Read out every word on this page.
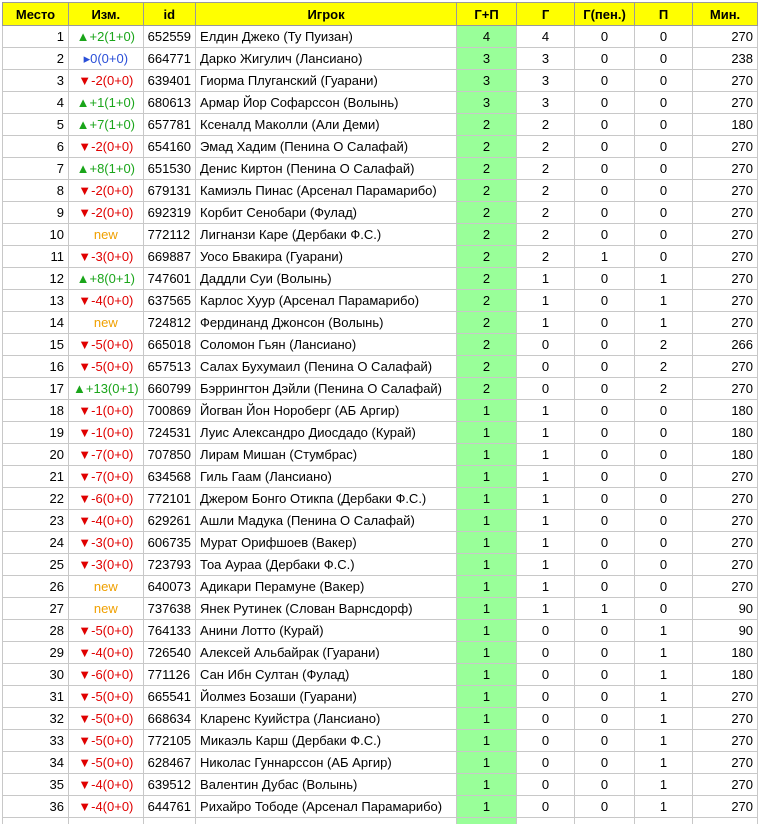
Место	Изм.	id	Игрок	Г+П	Г	Г(пен.)	П	Мин.
1	▲+2(1+0)	652559	Елдин Джеко (Ту Пуизан)	4	4	0	0	270
2	▸0(0+0)	664771	Дарко Жигулич (Лансиано)	3	3	0	0	238
3	▼-2(0+0)	639401	Гиорма Плуганский (Гуарани)	3	3	0	0	270
4	▲+1(1+0)	680613	Армар Йор Софарссон (Волынь)	3	3	0	0	270
5	▲+7(1+0)	657781	Ксеналд Маколли (Али Деми)	2	2	0	0	180
6	▼-2(0+0)	654160	Эмад Хадим (Пенина О Салафай)	2	2	0	0	270
7	▲+8(1+0)	651530	Денис Киртон (Пенина О Салафай)	2	2	0	0	270
8	▼-2(0+0)	679131	Камиэль Пинас (Арсенал Парамарибо)	2	2	0	0	270
9	▼-2(0+0)	692319	Корбит Сенобари (Фулад)	2	2	0	0	270
10	new	772112	Лигнанзи Каре (Дербаки Ф.С.)	2	2	0	0	270
11	▼-3(0+0)	669887	Уосо Бвакира (Гуарани)	2	2	1	0	270
12	▲+8(0+1)	747601	Даддли Суи (Волынь)	2	1	0	1	270
13	▼-4(0+0)	637565	Карлос Хуур (Арсенал Парамарибо)	2	1	0	1	270
14	new	724812	Фердинанд Джонсон (Волынь)	2	1	0	1	270
15	▼-5(0+0)	665018	Соломон Гьян (Лансиано)	2	0	0	2	266
16	▼-5(0+0)	657513	Салах Бухумаил (Пенина О Салафай)	2	0	0	2	270
17	▲+13(0+1)	660799	Бэррингтон Дэйли (Пенина О Салафай)	2	0	0	2	270
18	▼-1(0+0)	700869	Йогван Йон Норoберг (АБ Аргир)	1	1	0	0	180
19	▼-1(0+0)	724531	Луис Александро Диосдадо (Курай)	1	1	0	0	180
20	▼-7(0+0)	707850	Лирам Мишан (Стумбрас)	1	1	0	0	180
21	▼-7(0+0)	634568	Гиль Гаам (Лансиано)	1	1	0	0	270
22	▼-6(0+0)	772101	Джером Бонго Отикпа (Дербаки Ф.С.)	1	1	0	0	270
23	▼-4(0+0)	629261	Ашли Мадука (Пенина О Салафай)	1	1	0	0	270
24	▼-3(0+0)	606735	Мурат Орифшоев (Вакер)	1	1	0	0	270
25	▼-3(0+0)	723793	Тоа Аураа (Дербаки Ф.С.)	1	1	0	0	270
26	new	640073	Адикари Перамуне (Вакер)	1	1	0	0	270
27	new	737638	Янек Рутинек (Слован Варнсдорф)	1	1	1	0	90
28	▼-5(0+0)	764133	Анини Лотто (Курай)	1	0	0	1	90
29	▼-4(0+0)	726540	Алексей Альбайрак (Гуарани)	1	0	0	1	180
30	▼-6(0+0)	771126	Сан Ибн Султан (Фулад)	1	0	0	1	180
31	▼-5(0+0)	665541	Йолмез Бозаши (Гуарани)	1	0	0	1	270
32	▼-5(0+0)	668634	Кларенс Куийстра (Лансиано)	1	0	0	1	270
33	▼-5(0+0)	772105	Микаэль Карш (Дербаки Ф.С.)	1	0	0	1	270
34	▼-5(0+0)	628467	Николас Гуннарссон (АБ Аргир)	1	0	0	1	270
35	▼-4(0+0)	639512	Валентин Дубас (Волынь)	1	0	0	1	270
36	▼-4(0+0)	644761	Рихайро Тободе (Арсенал Парамарибо)	1	0	0	1	270
